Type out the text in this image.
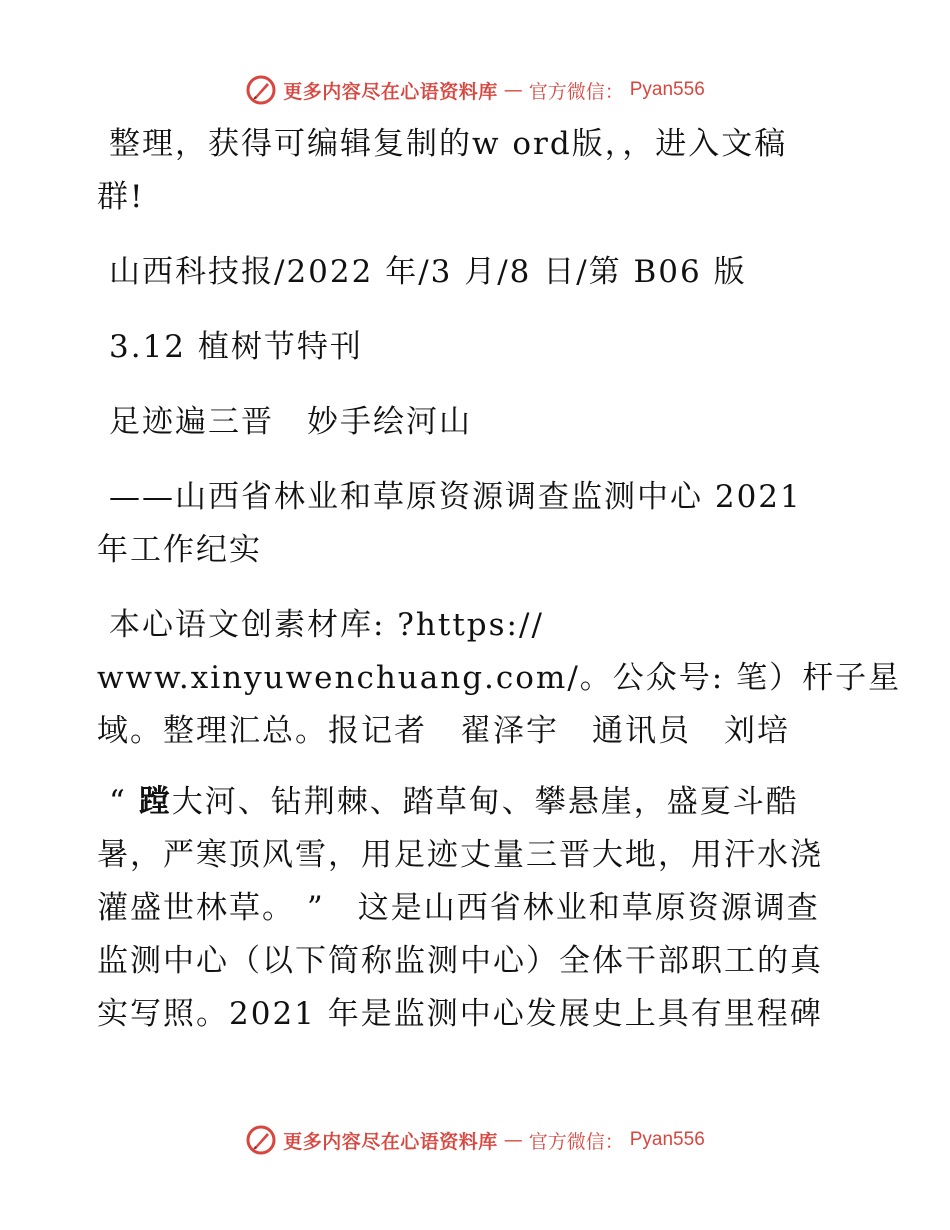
更多内容尽在心语资料库 — 官方微信： Pyan556
整理，获得可编辑复制的w ord版，，进入文稿
群!
山西科技报/2022 年/3 月/8 日/第 B06 版
3.12 植树节特刊
足迹遍三晋　妙手绘河山
——山西省林业和草原资源调查监测中心 2021
年工作纪实
本心语文创素材库: ?https://
www.xinyuwenchuang.com/。公众号: 笔）杆子星
域。整理汇总。报记者　翟泽宇　通讯员　刘培
“ 蹚大河、钻荆棘、踏草甸、攀悬崖，盛夏斗酷
暑，严寒顶风雪，用足迹丈量三晋大地，用汗水浇
灌盛世林草。 ”　这是山西省林业和草原资源调查
监测中心（以下简称监测中心）全体干部职工的真
实写照。2021 年是监测中心发展史上具有里程碑
更多内容尽在心语资料库 — 官方微信： Pyan556
